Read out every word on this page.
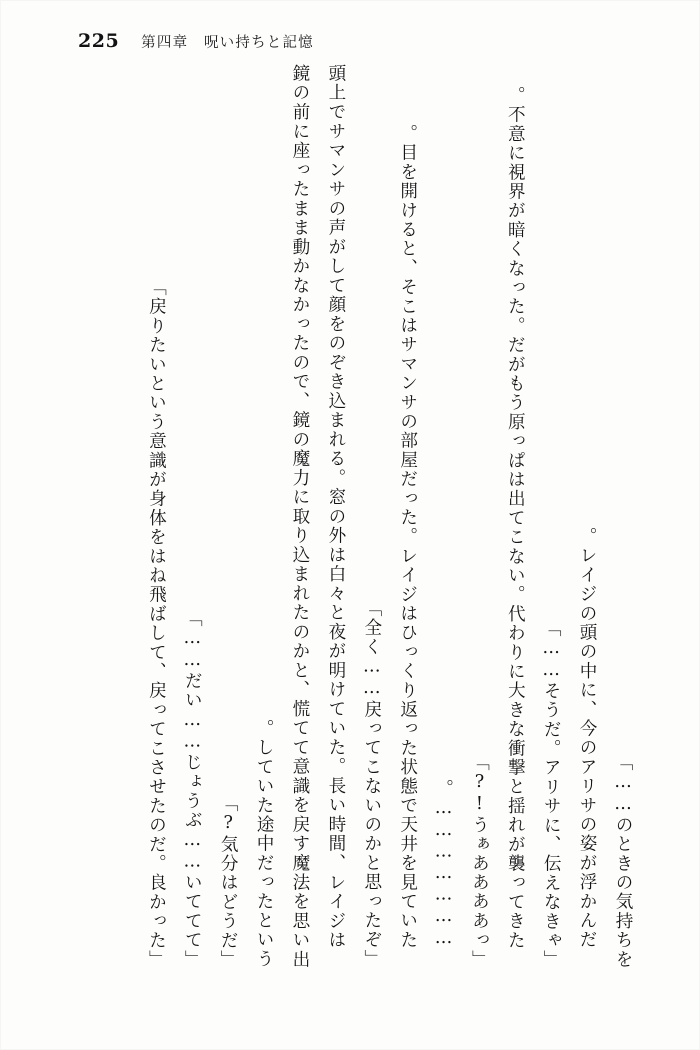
225 第四章　呪い持ちと記憶

のときの気持ちを……」

　レイジの頭の中に、今のアリサの姿が浮かんだ。

「そうだ。アリサに、伝えなきゃ……」

　不意に視界が暗くなった。だがもう原っぱは出てこない。代わりに大きな衝撃と揺れが襲ってきた。

「うぁああああっ!?」

　…………………。

　目を開けると、そこはサマンサの部屋だった。レイジはひっくり返った状態で天井を見ていた。

「全く……戻ってこないのかと思ったぞ」

　頭上でサマンサの声がして顔をのぞき込まれる。窓の外は白々と夜が明けていた。長い時間、レイジは鏡の前に座ったまま動かなかったので、鏡の魔力に取り込まれたのかと、慌てて意識を戻す魔法を思い出していた途中だったという。

「気分はどうだ?」

「だい……じょうぶ……いててて……」

「戻りたいという意識が身体をはね飛ばして、戻ってこさせたのだ。良かった」
